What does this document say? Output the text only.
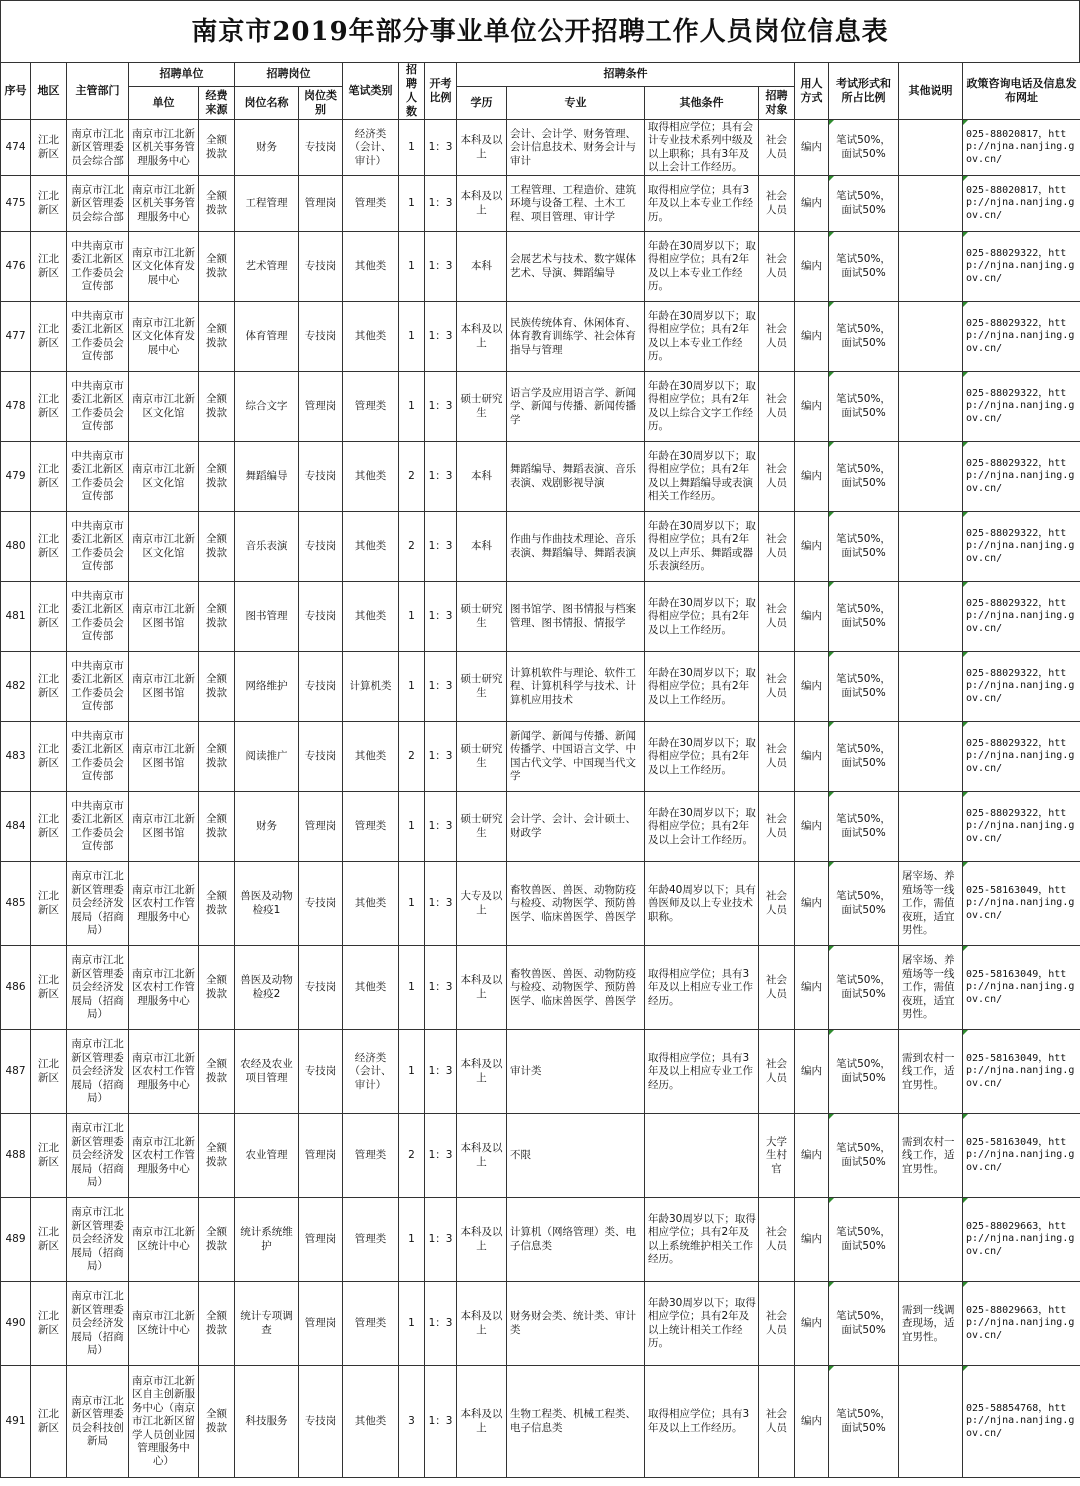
南京市2019年部分事业单位公开招聘工作人员岗位信息表
序号	地区	主管部门	招聘单位		招聘岗位		笔试类别	招聘人数	开考比例	招聘条件				用人方式	考试形式和所占比例	其他说明	政策咨询电话及信息发布网址
			单位	经费来源	岗位名称	岗位类别				学历	专业	其他条件	招聘对象				
474	江北新区	南京市江北新区管理委员会综合部	南京市江北新区机关事务管理服务中心	全额拨款	财务	专技岗	经济类（会计、审计）	1	1：3	本科及以上	会计、会计学、财务管理、会计信息技术、财务会计与审计	取得相应学位；具有会计专业技术系列中级及以上职称；具有3年及以上会计工作经历。	社会人员	编内	笔试50%，面试50%		025-88020817，http://njna.nanjing.gov.cn/
475	江北新区	南京市江北新区管理委员会综合部	南京市江北新区机关事务管理服务中心	全额拨款	工程管理	管理岗	管理类	1	1：3	本科及以上	工程管理、工程造价、建筑环境与设备工程、土木工程、项目管理、审计学	取得相应学位；具有3年及以上本专业工作经历。	社会人员	编内	笔试50%，面试50%		025-88020817，http://njna.nanjing.gov.cn/
476	江北新区	中共南京市委江北新区工作委员会宣传部	南京市江北新区文化体育发展中心	全额拨款	艺术管理	专技岗	其他类	1	1：3	本科	会展艺术与技术、数字媒体艺术、导演、舞蹈编导	年龄在30周岁以下；取得相应学位；具有2年及以上本专业工作经历。	社会人员	编内	笔试50%，面试50%		025-88029322，http://njna.nanjing.gov.cn/
477	江北新区	中共南京市委江北新区工作委员会宣传部	南京市江北新区文化体育发展中心	全额拨款	体育管理	专技岗	其他类	1	1：3	本科及以上	民族传统体育、休闲体育、体育教育训练学、社会体育指导与管理	年龄在30周岁以下；取得相应学位；具有2年及以上本专业工作经历。	社会人员	编内	笔试50%，面试50%		025-88029322，http://njna.nanjing.gov.cn/
478	江北新区	中共南京市委江北新区工作委员会宣传部	南京市江北新区文化馆	全额拨款	综合文字	管理岗	管理类	1	1：3	硕士研究生	语言学及应用语言学、新闻学、新闻与传播、新闻传播学	年龄在30周岁以下；取得相应学位；具有2年及以上综合文字工作经历。	社会人员	编内	笔试50%，面试50%		025-88029322，http://njna.nanjing.gov.cn/
479	江北新区	中共南京市委江北新区工作委员会宣传部	南京市江北新区文化馆	全额拨款	舞蹈编导	专技岗	其他类	2	1：3	本科	舞蹈编导、舞蹈表演、音乐表演、戏剧影视导演	年龄在30周岁以下；取得相应学位；具有2年及以上舞蹈编导或表演相关工作经历。	社会人员	编内	笔试50%，面试50%		025-88029322，http://njna.nanjing.gov.cn/
480	江北新区	中共南京市委江北新区工作委员会宣传部	南京市江北新区文化馆	全额拨款	音乐表演	专技岗	其他类	2	1：3	本科	作曲与作曲技术理论、音乐表演、舞蹈编导、舞蹈表演	年龄在30周岁以下；取得相应学位；具有2年及以上声乐、舞蹈或器乐表演经历。	社会人员	编内	笔试50%，面试50%		025-88029322，http://njna.nanjing.gov.cn/
481	江北新区	中共南京市委江北新区工作委员会宣传部	南京市江北新区图书馆	全额拨款	图书管理	专技岗	其他类	1	1：3	硕士研究生	图书馆学、图书情报与档案管理、图书情报、情报学	年龄在30周岁以下；取得相应学位；具有2年及以上工作经历。	社会人员	编内	笔试50%，面试50%		025-88029322，http://njna.nanjing.gov.cn/
482	江北新区	中共南京市委江北新区工作委员会宣传部	南京市江北新区图书馆	全额拨款	网络维护	专技岗	计算机类	1	1：3	硕士研究生	计算机软件与理论、软件工程、计算机科学与技术、计算机应用技术	年龄在30周岁以下；取得相应学位；具有2年及以上工作经历。	社会人员	编内	笔试50%，面试50%		025-88029322，http://njna.nanjing.gov.cn/
483	江北新区	中共南京市委江北新区工作委员会宣传部	南京市江北新区图书馆	全额拨款	阅读推广	专技岗	其他类	2	1：3	硕士研究生	新闻学、新闻与传播、新闻传播学、中国语言文学、中国古代文学、中国现当代文学	年龄在30周岁以下；取得相应学位；具有2年及以上工作经历。	社会人员	编内	笔试50%，面试50%		025-88029322，http://njna.nanjing.gov.cn/
484	江北新区	中共南京市委江北新区工作委员会宣传部	南京市江北新区图书馆	全额拨款	财务	管理岗	管理类	1	1：3	硕士研究生	会计学、会计、会计硕士、财政学	年龄在30周岁以下；取得相应学位；具有2年及以上会计工作经历。	社会人员	编内	笔试50%，面试50%		025-88029322，http://njna.nanjing.gov.cn/
485	江北新区	南京市江北新区管理委员会经济发展局（招商局）	南京市江北新区农村工作管理服务中心	全额拨款	兽医及动物检疫1	专技岗	其他类	1	1：3	大专及以上	畜牧兽医、兽医、动物防疫与检疫、动物医学、预防兽医学、临床兽医学、兽医学	年龄40周岁以下；具有兽医师及以上专业技术职称。	社会人员	编内	笔试50%，面试50%	屠宰场、养殖场等一线工作，需值夜班，适宜男性。	025-58163049，http://njna.nanjing.gov.cn/
486	江北新区	南京市江北新区管理委员会经济发展局（招商局）	南京市江北新区农村工作管理服务中心	全额拨款	兽医及动物检疫2	专技岗	其他类	1	1：3	本科及以上	畜牧兽医、兽医、动物防疫与检疫、动物医学、预防兽医学、临床兽医学、兽医学	取得相应学位；具有3年及以上相应专业工作经历。	社会人员	编内	笔试50%，面试50%	屠宰场、养殖场等一线工作，需值夜班，适宜男性。	025-58163049，http://njna.nanjing.gov.cn/
487	江北新区	南京市江北新区管理委员会经济发展局（招商局）	南京市江北新区农村工作管理服务中心	全额拨款	农经及农业项目管理	专技岗	经济类（会计、审计）	1	1：3	本科及以上	审计类	取得相应学位；具有3年及以上相应专业工作经历。	社会人员	编内	笔试50%，面试50%	需到农村一线工作，适宜男性。	025-58163049，http://njna.nanjing.gov.cn/
488	江北新区	南京市江北新区管理委员会经济发展局（招商局）	南京市江北新区农村工作管理服务中心	全额拨款	农业管理	管理岗	管理类	2	1：3	本科及以上	不限		大学生村官	编内	笔试50%，面试50%	需到农村一线工作，适宜男性。	025-58163049，http://njna.nanjing.gov.cn/
489	江北新区	南京市江北新区管理委员会经济发展局（招商局）	南京市江北新区统计中心	全额拨款	统计系统维护	管理岗	管理类	1	1：3	本科及以上	计算机（网络管理）类、电子信息类	年龄30周岁以下；取得相应学位；具有2年及以上系统维护相关工作经历。	社会人员	编内	笔试50%，面试50%		025-88029663，http://njna.nanjing.gov.cn/
490	江北新区	南京市江北新区管理委员会经济发展局（招商局）	南京市江北新区统计中心	全额拨款	统计专项调查	管理岗	管理类	1	1：3	本科及以上	财务财会类、统计类、审计类	年龄30周岁以下；取得相应学位；具有2年及以上统计相关工作经历。	社会人员	编内	笔试50%，面试50%	需到一线调查现场，适宜男性。	025-88029663，http://njna.nanjing.gov.cn/
491	江北新区	南京市江北新区管理委员会科技创新局	南京市江北新区自主创新服务中心（南京市江北新区留学人员创业园管理服务中心）	全额拨款	科技服务	专技岗	其他类	3	1：3	本科及以上	生物工程类、机械工程类、电子信息类	取得相应学位；具有3年及以上工作经历。	社会人员	编内	笔试50%，面试50%		025-58854768，http://njna.nanjing.gov.cn/
